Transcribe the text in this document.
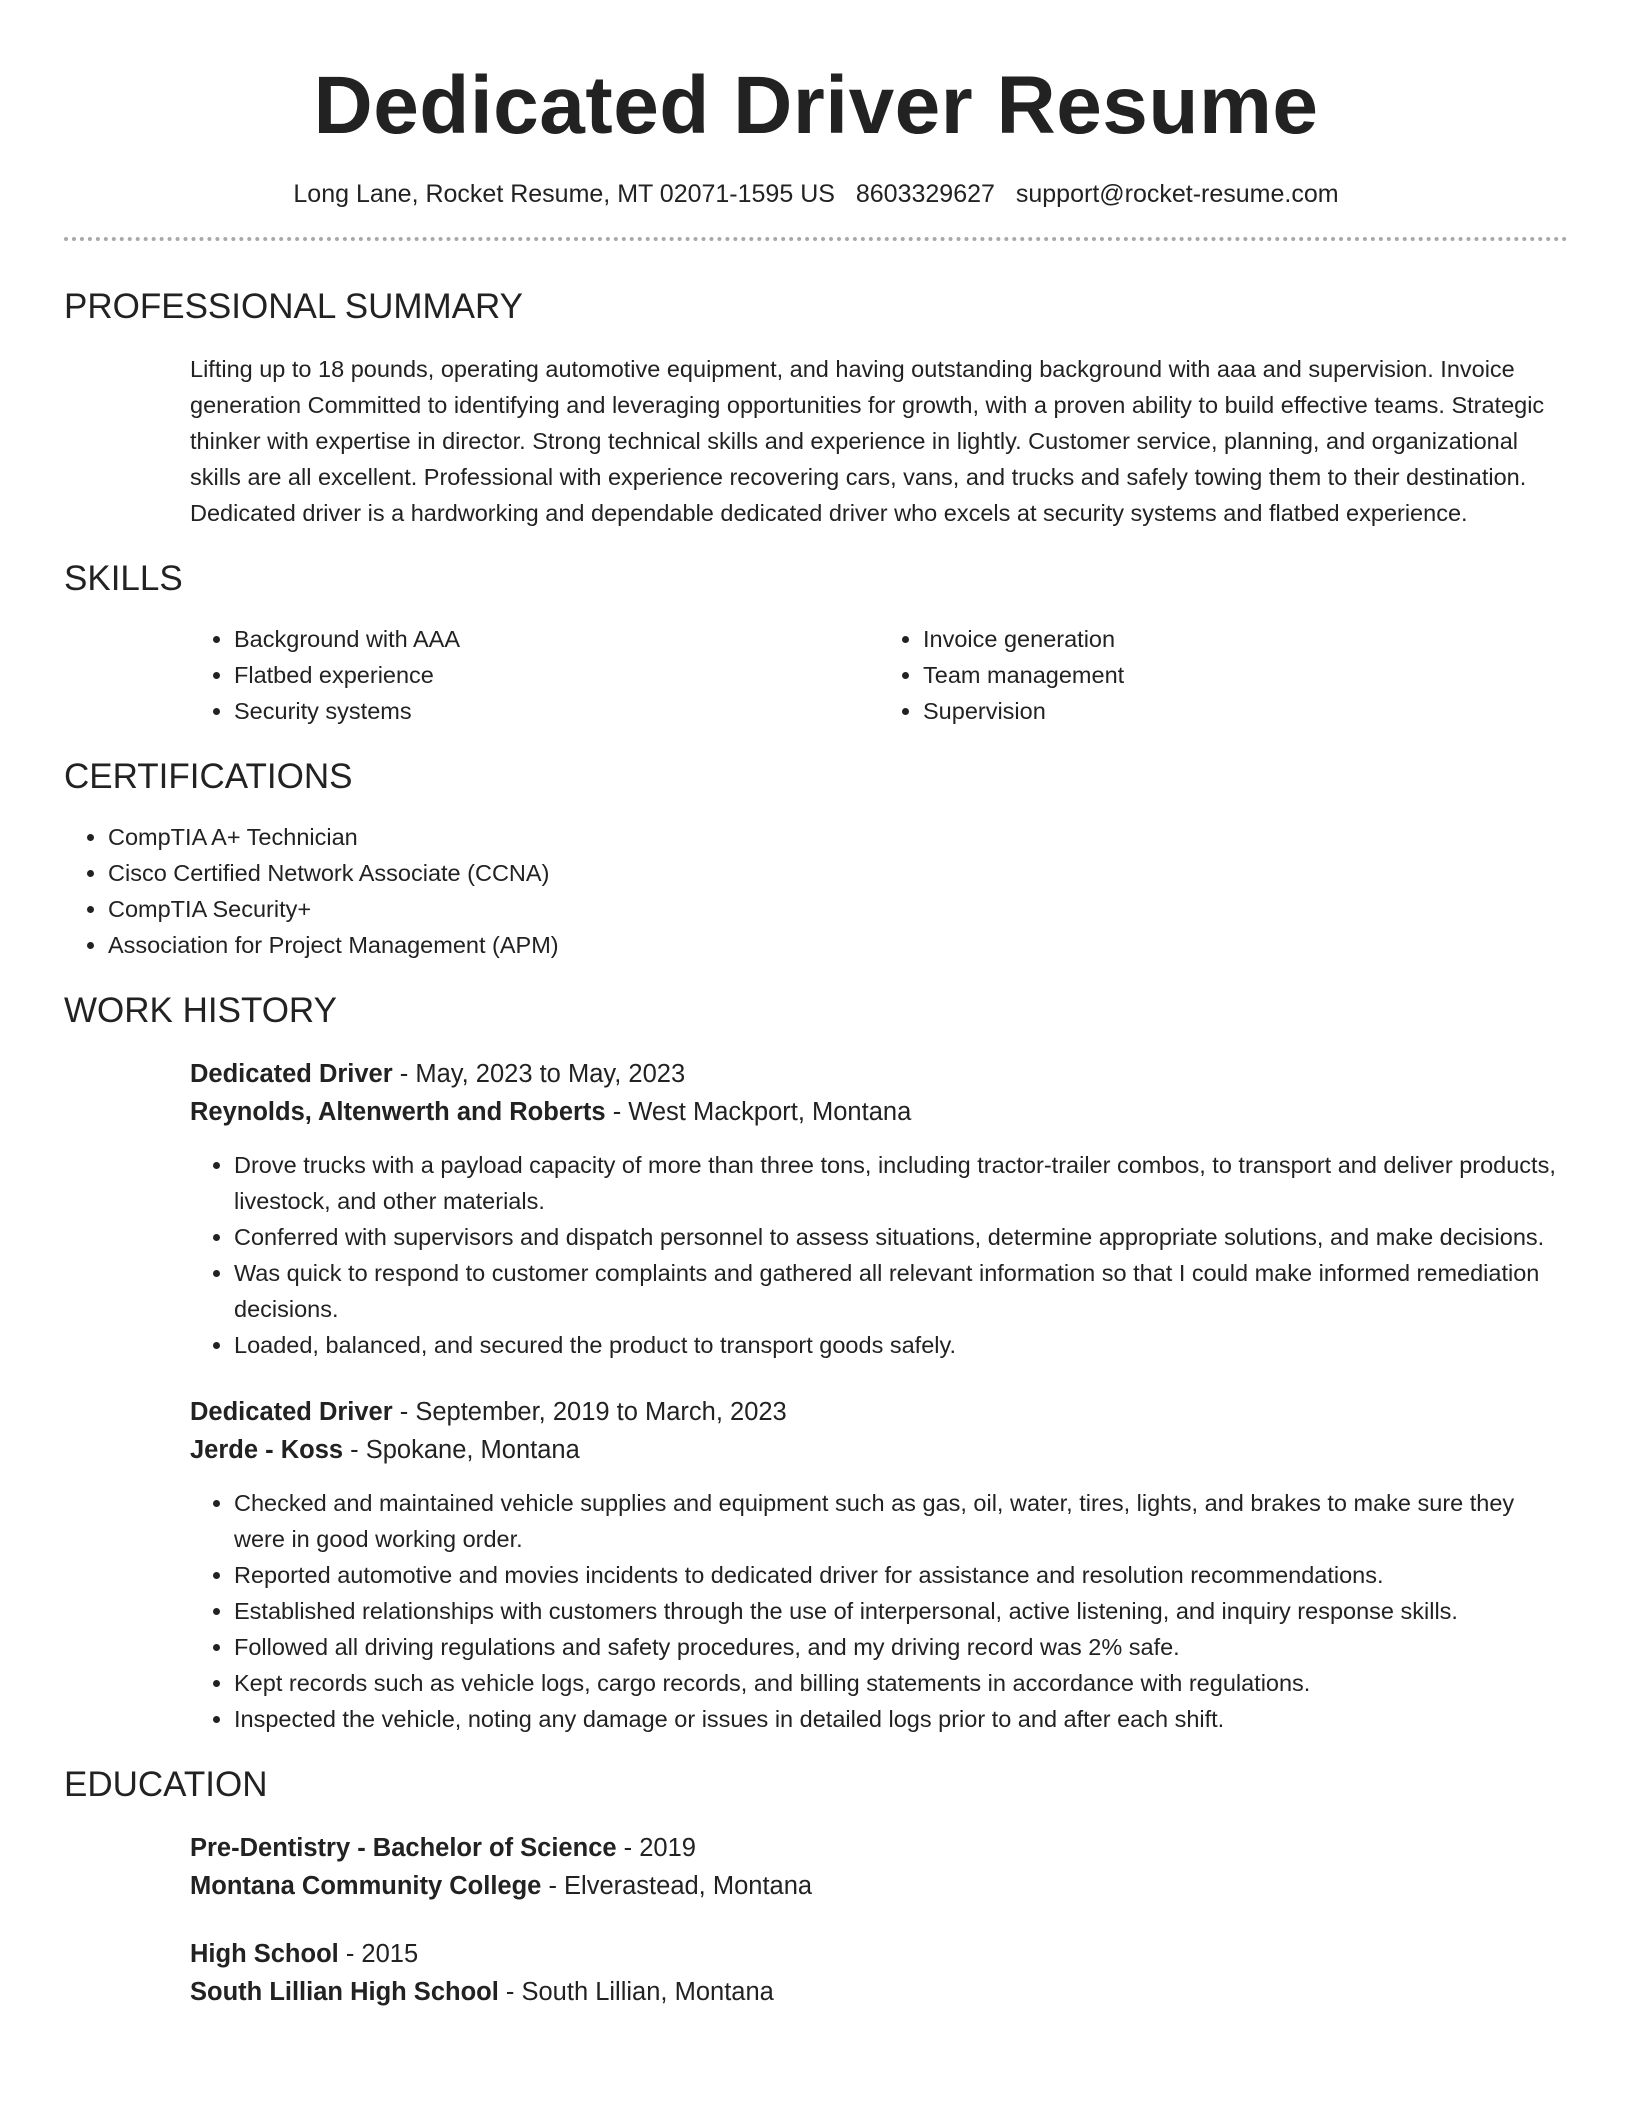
Dedicated Driver Resume
Long Lane, Rocket Resume, MT 02071-1595 US 8603329627 support@rocket-resume.com
PROFESSIONAL SUMMARY
Lifting up to 18 pounds, operating automotive equipment, and having outstanding background with aaa and supervision. Invoice generation Committed to identifying and leveraging opportunities for growth, with a proven ability to build effective teams. Strategic thinker with expertise in director. Strong technical skills and experience in lightly. Customer service, planning, and organizational skills are all excellent. Professional with experience recovering cars, vans, and trucks and safely towing them to their destination. Dedicated driver is a hardworking and dependable dedicated driver who excels at security systems and flatbed experience.
SKILLS
• Background with AAA
• Flatbed experience
• Security systems
• Invoice generation
• Team management
• Supervision
CERTIFICATIONS
• CompTIA A+ Technician
• Cisco Certified Network Associate (CCNA)
• CompTIA Security+
• Association for Project Management (APM)
WORK HISTORY
Dedicated Driver - May, 2023 to May, 2023
Reynolds, Altenwerth and Roberts - West Mackport, Montana
• Drove trucks with a payload capacity of more than three tons, including tractor-trailer combos, to transport and deliver products, livestock, and other materials.
• Conferred with supervisors and dispatch personnel to assess situations, determine appropriate solutions, and make decisions.
• Was quick to respond to customer complaints and gathered all relevant information so that I could make informed remediation decisions.
• Loaded, balanced, and secured the product to transport goods safely.
Dedicated Driver - September, 2019 to March, 2023
Jerde - Koss - Spokane, Montana
• Checked and maintained vehicle supplies and equipment such as gas, oil, water, tires, lights, and brakes to make sure they were in good working order.
• Reported automotive and movies incidents to dedicated driver for assistance and resolution recommendations.
• Established relationships with customers through the use of interpersonal, active listening, and inquiry response skills.
• Followed all driving regulations and safety procedures, and my driving record was 2% safe.
• Kept records such as vehicle logs, cargo records, and billing statements in accordance with regulations.
• Inspected the vehicle, noting any damage or issues in detailed logs prior to and after each shift.
EDUCATION
Pre-Dentistry - Bachelor of Science - 2019
Montana Community College - Elverastead, Montana
High School - 2015
South Lillian High School - South Lillian, Montana
